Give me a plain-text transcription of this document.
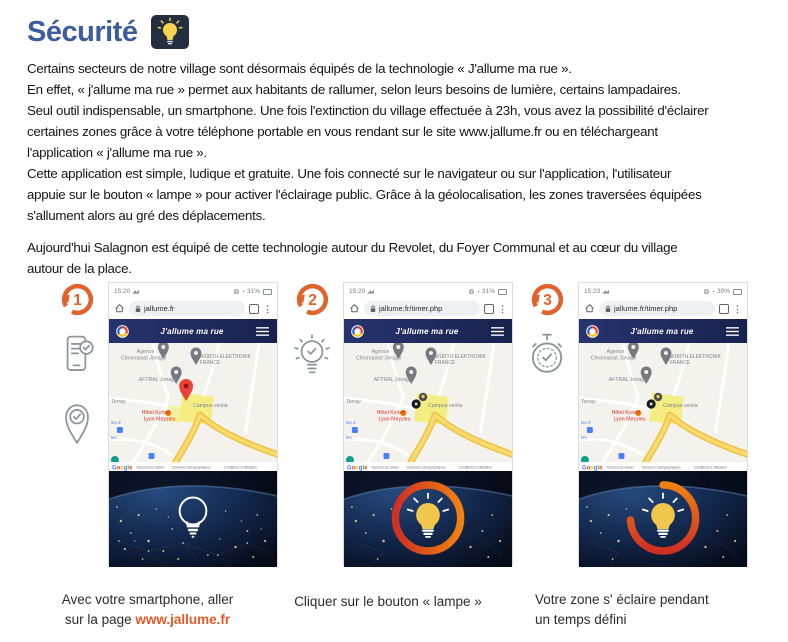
Sécurité
Certains secteurs de notre village sont désormais équipés de la technologie « J'allume ma rue ».
En effet, « j'allume ma rue » permet aux habitants de rallumer, selon leurs besoins de lumière, certains lampadaires.
Seul outil indispensable, un smartphone. Une fois l'extinction du village effectuée à 23h, vous avez la possibilité d'éclairer
certaines zones grâce à votre téléphone portable en vous rendant sur le site www.jallume.fr ou en téléchargeant
l'application « j'allume ma rue ».
Cette application est simple, ludique et gratuite. Une fois connecté sur le navigateur ou sur l'application, l'utilisateur
appuie sur le bouton « lampe » pour activer l'éclairage public. Grâce à la géolocalisation, les zones traversées équipées
s'allument alors au gré des déplacements.
Aujourd'hui Salagnon est équipé de cette technologie autour du Revolet, du Foyer Communal et au cœur du village
autour de la place.
1	2	3
15:20 ◢◢	❂ ◔ 31%
jallume.fr	⋮
J'allume ma rue
Agence
Chronopost Jonage	WÜRTH ELEKTRONIK
FRANCE
AFTRAL Jonage
Terray
Campus veolia
Hôtel Kyriad
Lyon Meyzieu
ieu Z
len
Google Raccourcis clavier Données cartographiques	Conditions d'utilisation
15:20 ◢◢	❂ ◔ 31%
jallume.fr/timer.php	⋮
J'allume ma rue
Agence
Chronopost Jonage	WÜRTH ELEKTRONIK
FRANCE
AFTRAL Jonage
Terray
Campus veolia
Hôtel Kyriad
Lyon Meyzieu
ieu Z
len
Google Raccourcis clavier Données cartographiques	Conditions d'utilisation
15:23 ◢◢	❂ ◔ 30%
jallume.fr/timer.php	⋮
J'allume ma rue
Agence
Chronopost Jonage	WÜRTH ELEKTRONIK
FRANCE
AFTRAL Jonage
Terray
Campus veolia
Hôtel Kyriad
Lyon Meyzieu
ieu Z
len
Google Raccourcis clavier Données cartographiques	Conditions d'utilisation
Avec votre smartphone, aller
sur la page www.jallume.fr
Cliquer sur le bouton « lampe »	Votre zone s' éclaire pendant
un temps défini
